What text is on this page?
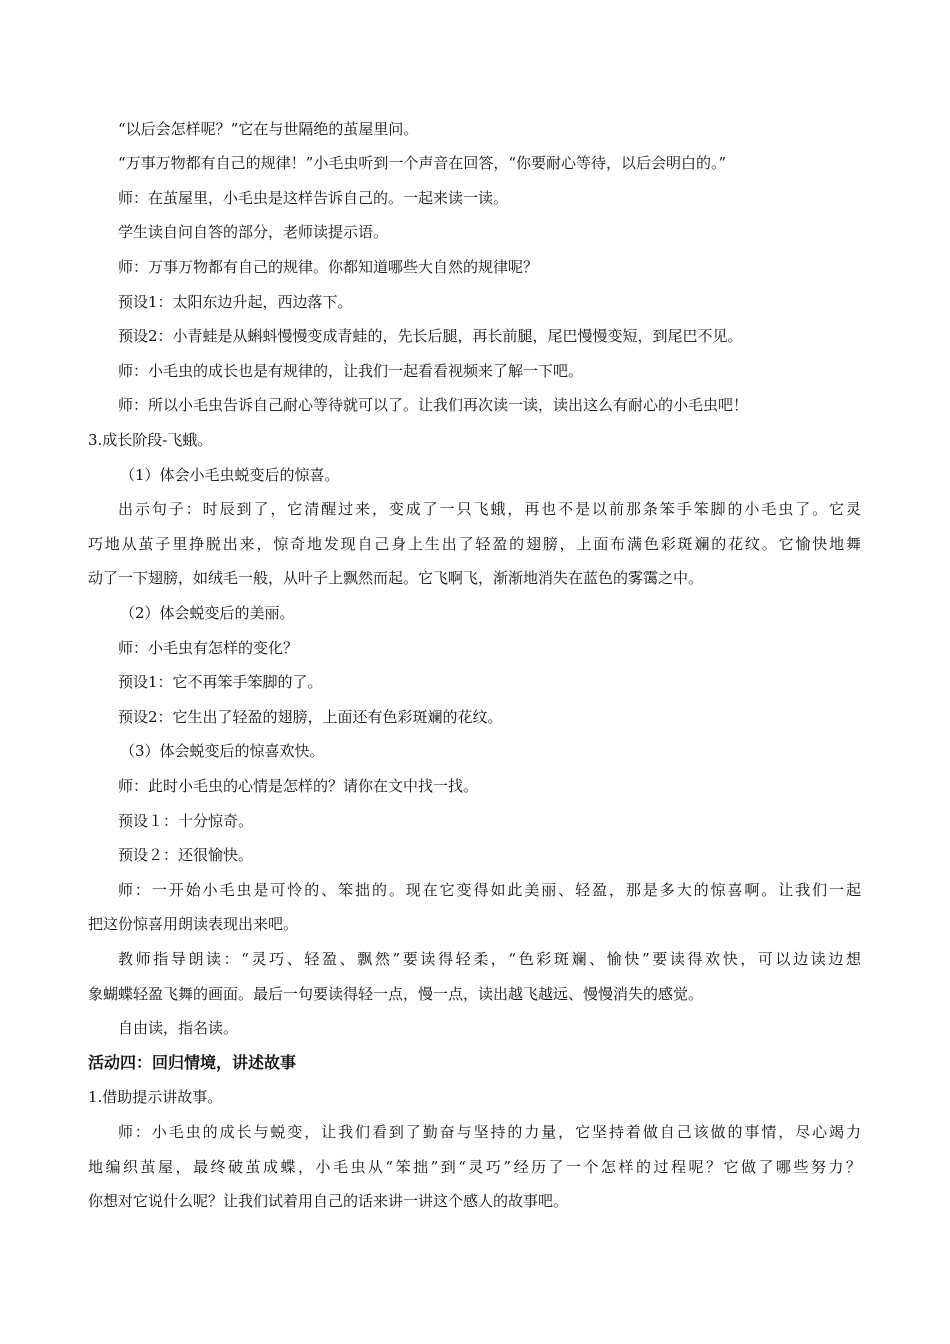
“以后会怎样呢？”它在与世隔绝的茧屋里问。
“万事万物都有自己的规律！”小毛虫听到一个声音在回答，“你要耐心等待，以后会明白的。”
师：在茧屋里，小毛虫是这样告诉自己的。一起来读一读。
学生读自问自答的部分，老师读提示语。
师：万事万物都有自己的规律。你都知道哪些大自然的规律呢？
预设1：太阳东边升起，西边落下。
预设2：小青蛙是从蝌蚪慢慢变成青蛙的，先长后腿，再长前腿，尾巴慢慢变短，到尾巴不见。
师：小毛虫的成长也是有规律的，让我们一起看看视频来了解一下吧。
师：所以小毛虫告诉自己耐心等待就可以了。让我们再次读一读，读出这么有耐心的小毛虫吧！
3.成长阶段-飞蛾。
（1）体会小毛虫蜕变后的惊喜。
出示句子：时辰到了，它清醒过来，变成了一只飞蛾，再也不是以前那条笨手笨脚的小毛虫了。它灵
巧地从茧子里挣脱出来，惊奇地发现自己身上生出了轻盈的翅膀，上面布满色彩斑斓的花纹。它愉快地舞
动了一下翅膀，如绒毛一般，从叶子上飘然而起。它飞啊飞，渐渐地消失在蓝色的雾霭之中。
（2）体会蜕变后的美丽。
师：小毛虫有怎样的变化？
预设1：它不再笨手笨脚的了。
预设2：它生出了轻盈的翅膀，上面还有色彩斑斓的花纹。
（3）体会蜕变后的惊喜欢快。
师：此时小毛虫的心情是怎样的？请你在文中找一找。
预设１：十分惊奇。
预设２：还很愉快。
师：一开始小毛虫是可怜的、笨拙的。现在它变得如此美丽、轻盈，那是多大的惊喜啊。让我们一起
把这份惊喜用朗读表现出来吧。
教师指导朗读：“灵巧、轻盈、飘然”要读得轻柔，“色彩斑斓、愉快”要读得欢快，可以边读边想
象蝴蝶轻盈飞舞的画面。最后一句要读得轻一点，慢一点，读出越飞越远、慢慢消失的感觉。
自由读，指名读。
活动四：回归情境，讲述故事
1.借助提示讲故事。
师：小毛虫的成长与蜕变，让我们看到了勤奋与坚持的力量，它坚持着做自己该做的事情，尽心竭力
地编织茧屋，最终破茧成蝶，小毛虫从“笨拙”到“灵巧”经历了一个怎样的过程呢？它做了哪些努力？
你想对它说什么呢？让我们试着用自己的话来讲一讲这个感人的故事吧。
